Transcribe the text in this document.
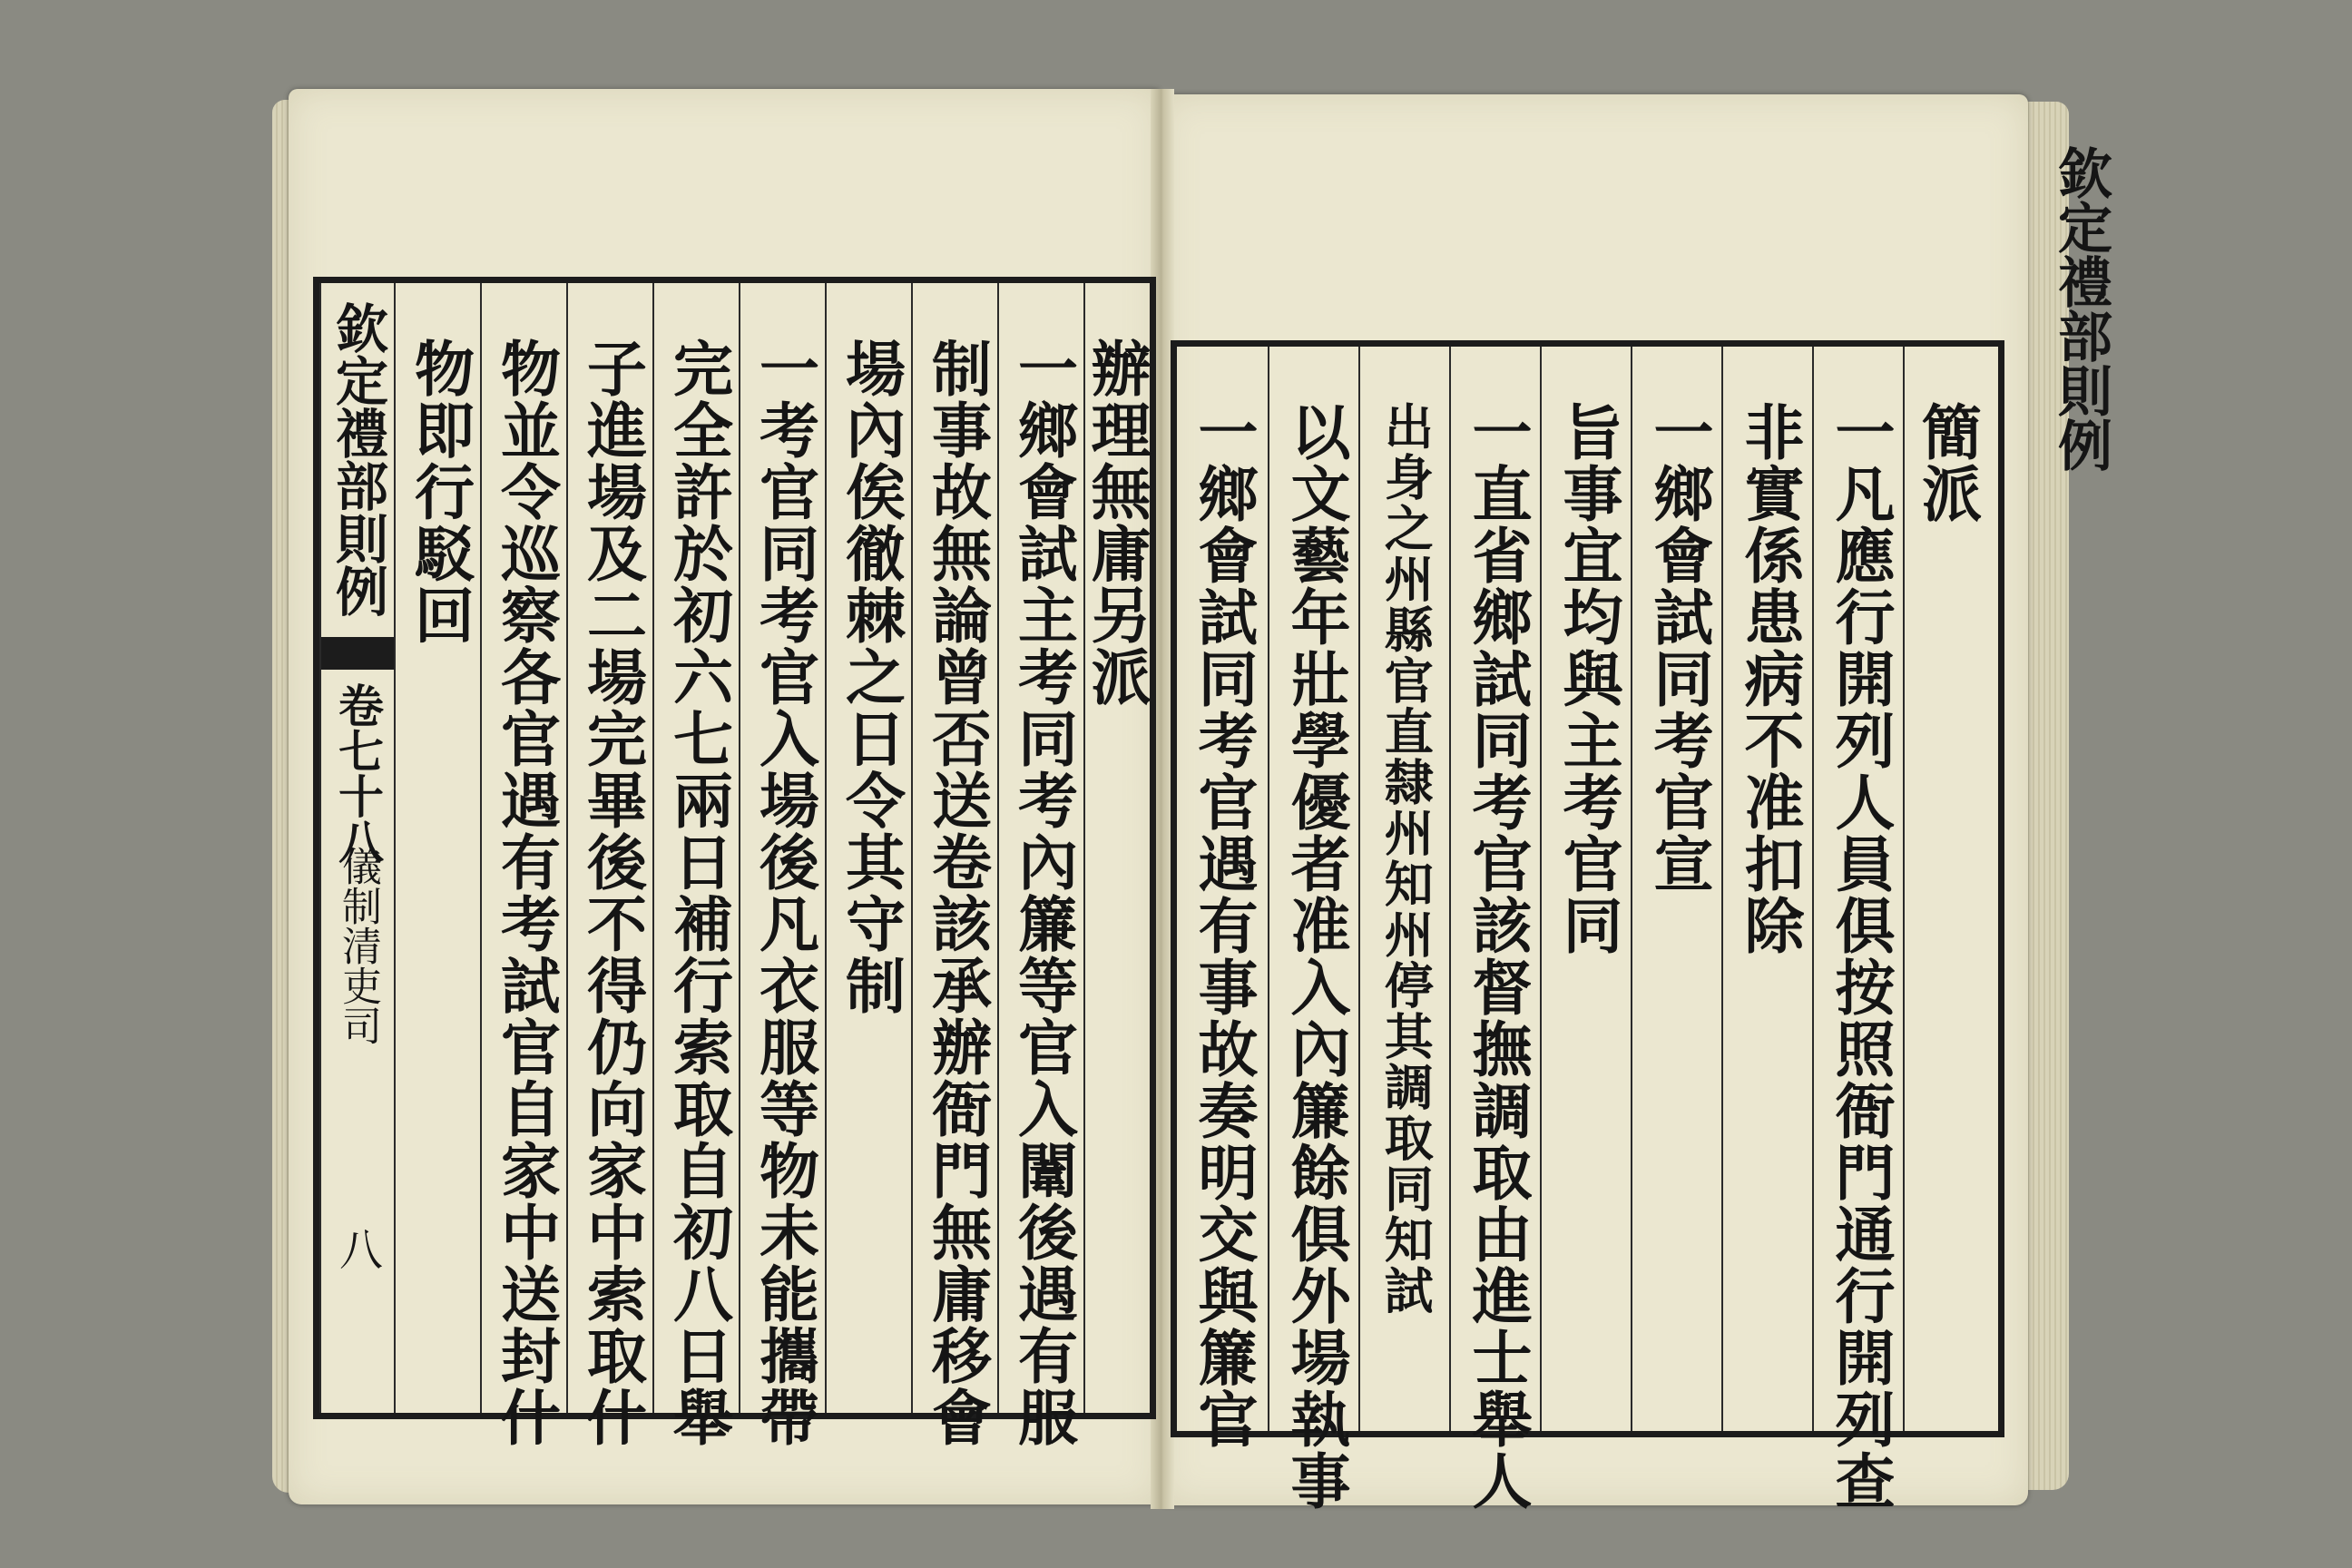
欽定禮部則例
卷七十八
儀制清吏司
八
物即行駁回 物並令巡察各官遇有考試官自家中送封什 子進場及二場完畢後不得仍向家中索取什 完全許於初六七兩日補行索取自初八日舉 一考官同考官入場後凡衣服等物未能攜帶 場內俟徹棘之日令其守制 制事故無論曾否送卷該承辦衙門無庸移會 一鄉會試主考同考內簾等官入闈後遇有服 辦理無庸另派 一鄉會試同考官遇有事故奏明交與簾官 以文藝年壯學優者准入內簾餘俱外場執事 出身之州縣官直隸州知州停其調取同知試 一直省鄉試同考官該督撫調取由進士舉人 旨事宜均與主考官同 一鄉會試同考官宣 非實係患病不准扣除 一凡應行開列人員俱按照衙門通行開列查 簡派 欽定禮部則例
